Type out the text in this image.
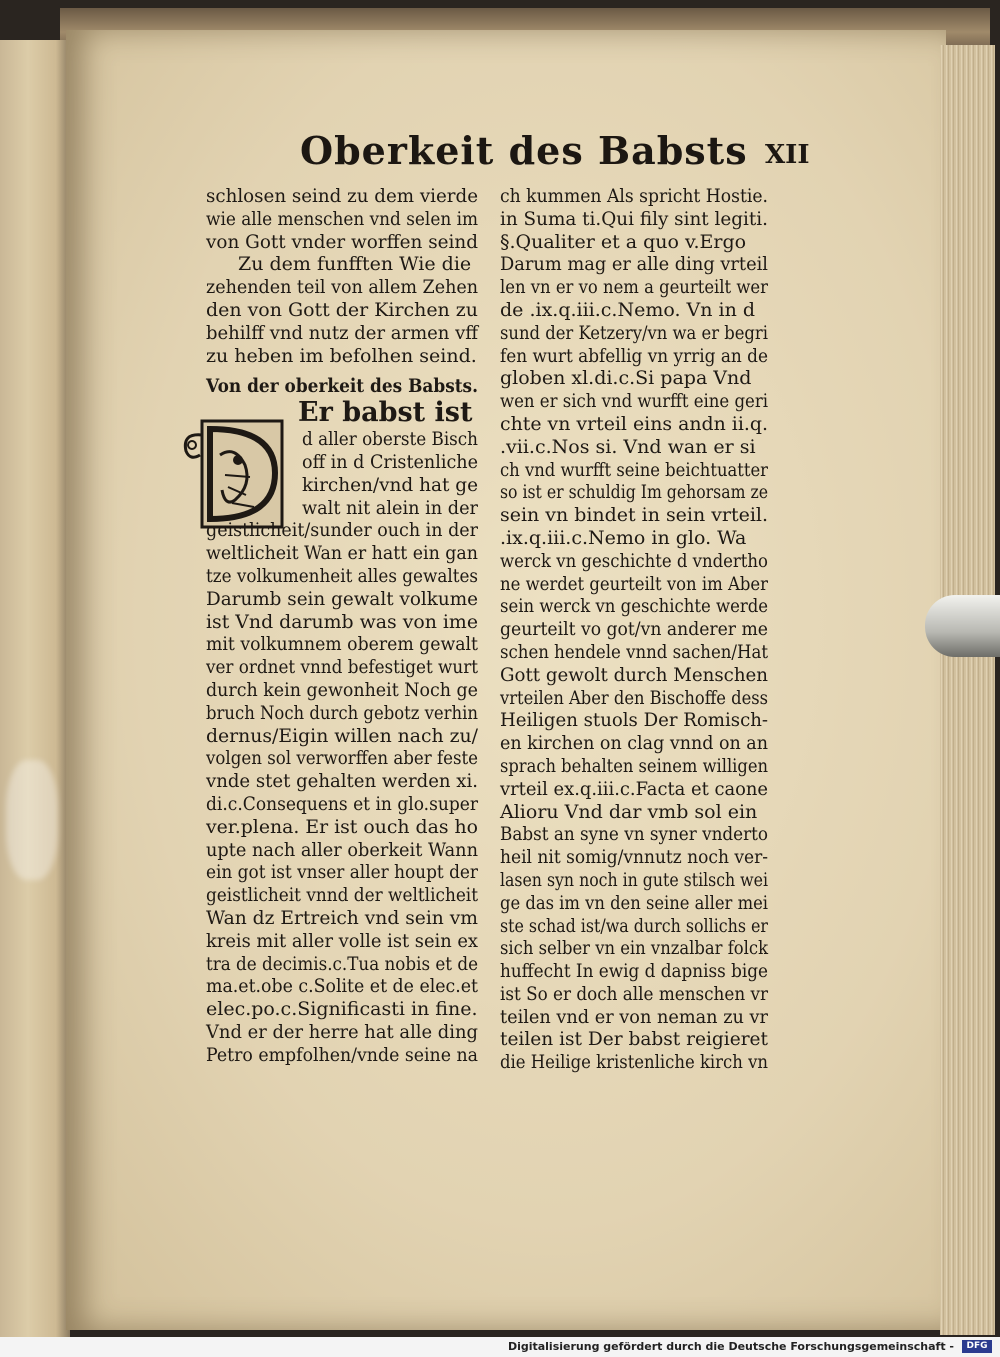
Oberkeit des Babsts XII
schlosen seind zu dem vierde
wie alle menschen vnd selen im
von Gott vnder worffen seind
Zu dem funfften Wie die
zehenden teil von allem Zehen
den von Gott der Kirchen zu
behilff vnd nutz der armen vff
zu heben im befolhen seind.
Von der oberkeit des Babsts.
Er babst ist
d aller oberste Bisch
off in d Cristenliche
kirchen/vnd hat ge
walt nit alein in der
geistlicheit/sunder ouch in der
weltlicheit Wan er hatt ein gan
tze volkumenheit alles gewaltes
Darumb sein gewalt volkume
ist Vnd darumb was von ime
mit volkumnem oberem gewalt
ver ordnet vnnd befestiget wurt
durch kein gewonheit Noch ge
bruch Noch durch gebotz verhin
dernus/Eigin willen nach zu/
volgen sol verworffen aber feste
vnde stet gehalten werden xi.
di.c.Consequens et in glo.super
ver.plena. Er ist ouch das ho
upte nach aller oberkeit Wann
ein got ist vnser aller houpt der
geistlicheit vnnd der weltlicheit
Wan dz Ertreich vnd sein vm
kreis mit aller volle ist sein ex
tra de decimis.c.Tua nobis et de
ma.et.obe c.Solite et de elec.et
elec.po.c.Significasti in fine.
Vnd er der herre hat alle ding
Petro empfolhen/vnde seine na
ch kummen Als spricht Hostie.
in Suma ti.Qui fily sint legiti.
§.Qualiter et a quo v.Ergo
Darum mag er alle ding vrteil
len vn er vo nem a geurteilt wer
de .ix.q.iii.c.Nemo. Vn in d
sund der Ketzery/vn wa er begri
fen wurt abfellig vn yrrig an de
globen xl.di.c.Si papa Vnd
wen er sich vnd wurfft eine geri
chte vn vrteil eins andn ii.q.
.vii.c.Nos si. Vnd wan er si
ch vnd wurfft seine beichtuatter
so ist er schuldig Im gehorsam ze
sein vn bindet in sein vrteil.
.ix.q.iii.c.Nemo in glo. Wa
werck vn geschichte d vndertho
ne werdet geurteilt von im Aber
sein werck vn geschichte werde
geurteilt vo got/vn anderer me
schen hendele vnnd sachen/Hat
Gott gewolt durch Menschen
vrteilen Aber den Bischoffe dess
Heiligen stuols Der Romisch-
en kirchen on clag vnnd on an
sprach behalten seinem willigen
vrteil ex.q.iii.c.Facta et caone
Alioru Vnd dar vmb sol ein
Babst an syne vn syner vnderto
heil nit somig/vnnutz noch ver-
lasen syn noch in gute stilsch wei
ge das im vn den seine aller mei
ste schad ist/wa durch sollichs er
sich selber vn ein vnzalbar folck
huffecht In ewig d dapniss bige
ist So er doch alle menschen vr
teilen vnd er von neman zu vr
teilen ist Der babst reigieret
die Heilige kristenliche kirch vn
Digitalisierung gefördert durch die Deutsche Forschungsgemeinschaft -	DFG
